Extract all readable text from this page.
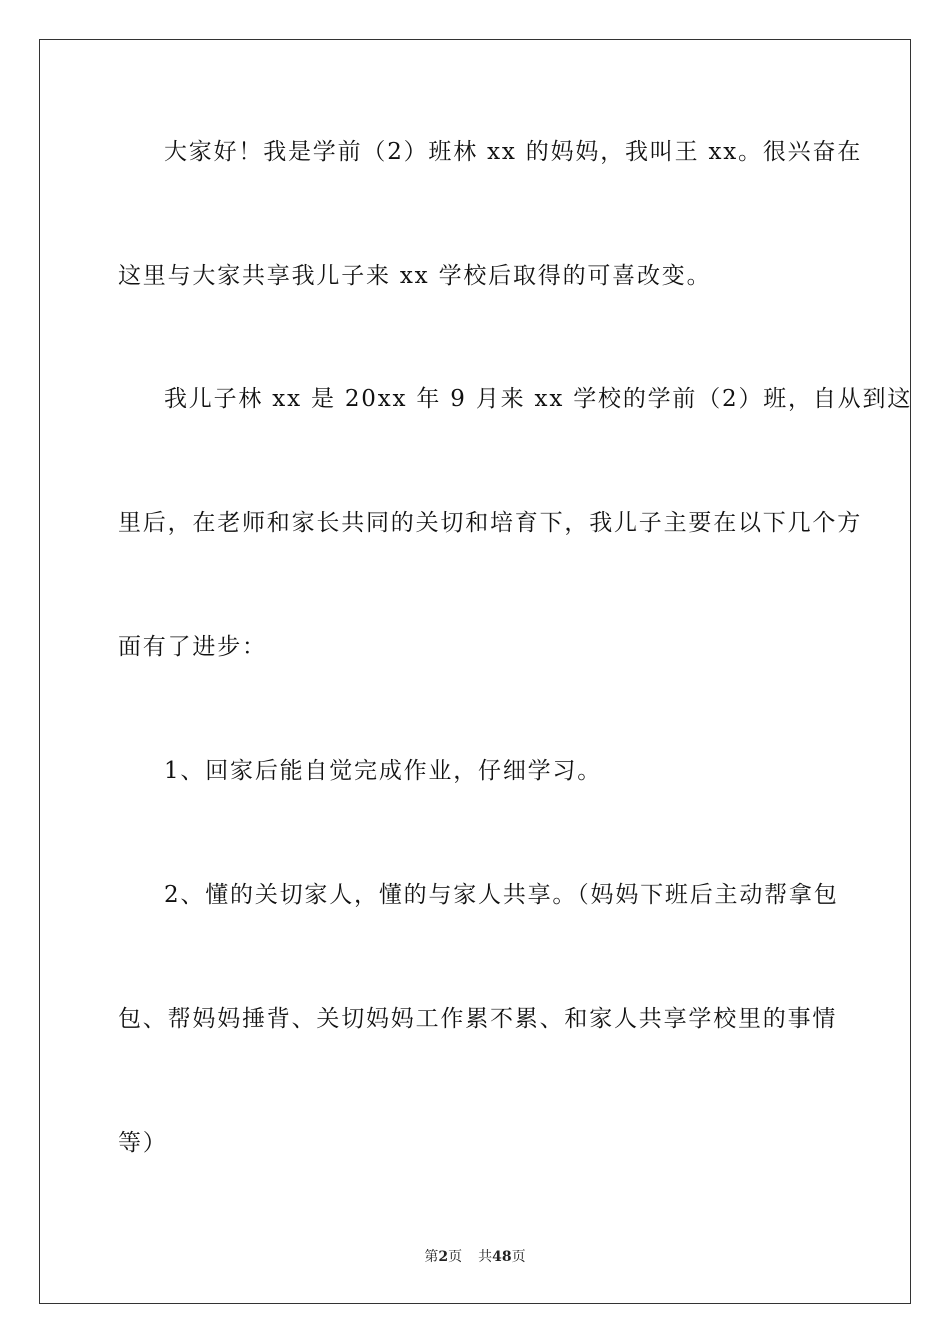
大家好！我是学前（2）班林 xx 的妈妈，我叫王 xx。很兴奋在
这里与大家共享我儿子来 xx 学校后取得的可喜改变。
我儿子林 xx 是 20xx 年 9 月来 xx 学校的学前（2）班，自从到这
里后，在老师和家长共同的关切和培育下，我儿子主要在以下几个方
面有了进步：
1、回家后能自觉完成作业，仔细学习。
2、懂的关切家人，懂的与家人共享。（妈妈下班后主动帮拿包
包、帮妈妈捶背、关切妈妈工作累不累、和家人共享学校里的事情
等）
第2页 共48页
